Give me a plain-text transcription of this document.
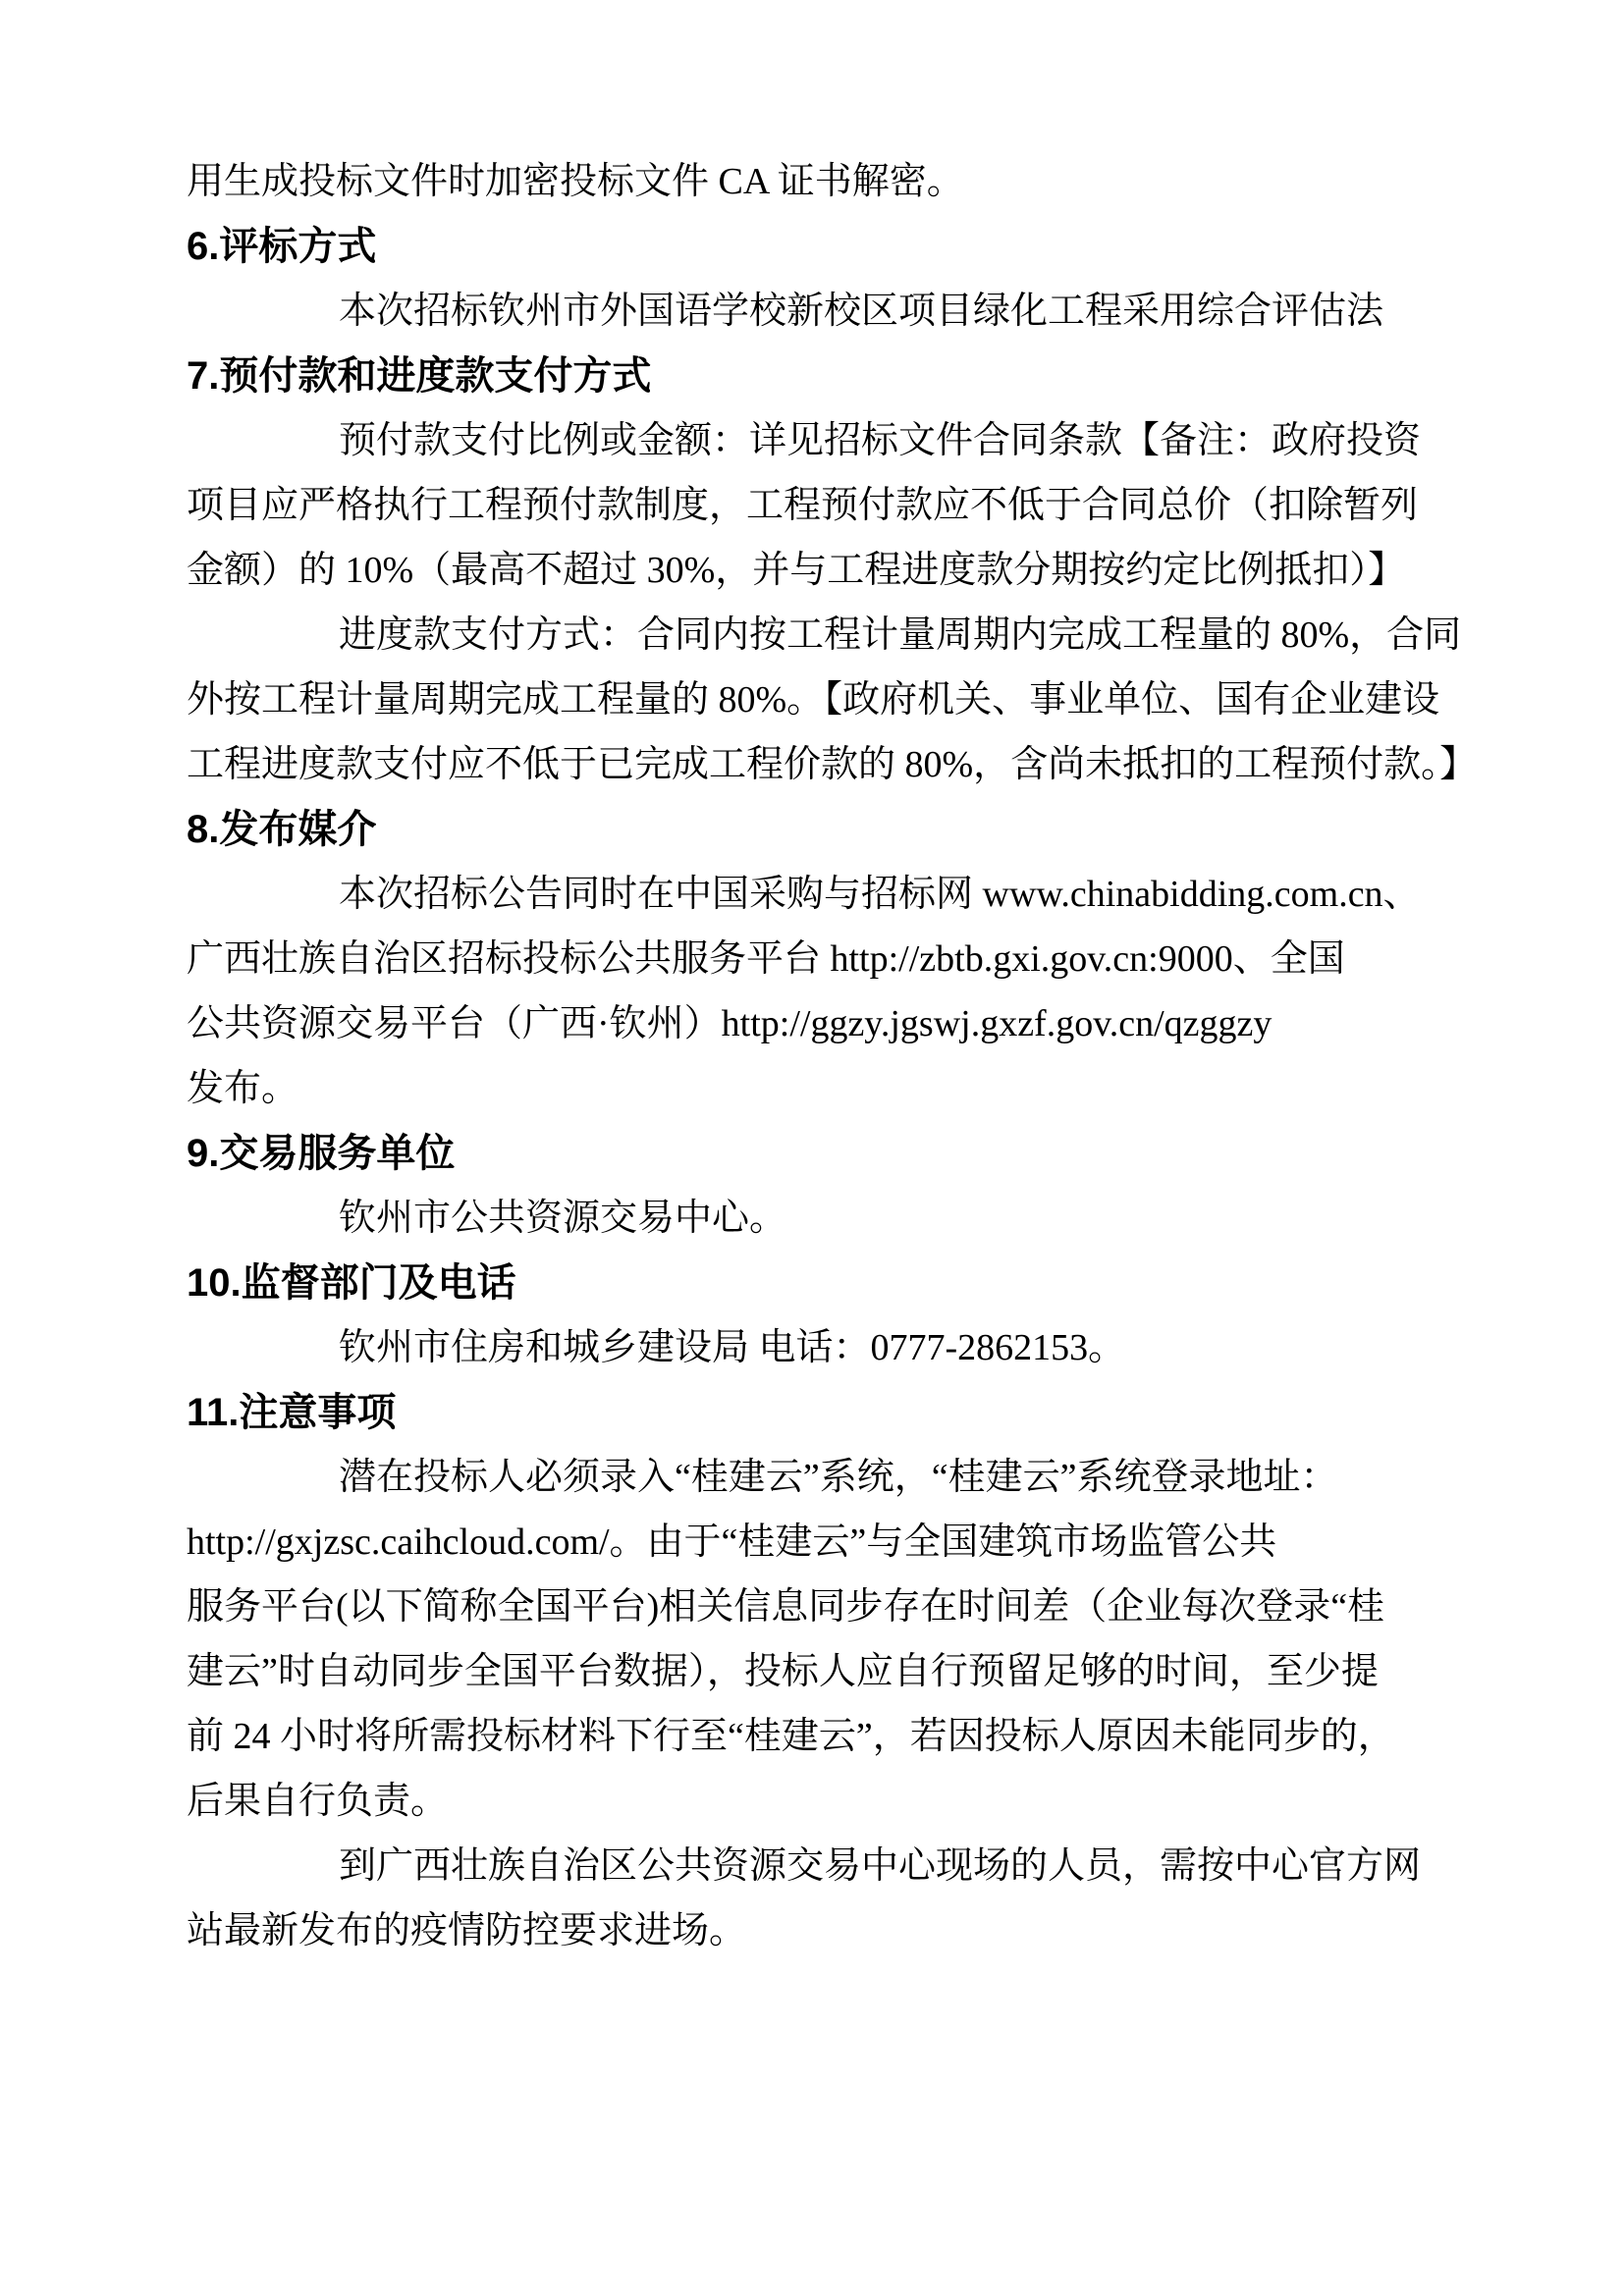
用生成投标文件时加密投标文件 CA 证书解密。

6.评标方式

本次招标钦州市外国语学校新校区项目绿化工程采用综合评估法

7.预付款和进度款支付方式

预付款支付比例或金额：详见招标文件合同条款【备注：政府投资

项目应严格执行工程预付款制度，工程预付款应不低于合同总价（扣除暂列

金额）的 10%（最高不超过 30%，并与工程进度款分期按约定比例抵扣）】

进度款支付方式：合同内按工程计量周期内完成工程量的 80%，合同

外按工程计量周期完成工程量的 80%。【政府机关、事业单位、国有企业建设

工程进度款支付应不低于已完成工程价款的 80%，含尚未抵扣的工程预付款。】

8.发布媒介

本次招标公告同时在中国采购与招标网 www.chinabidding.com.cn、

广西壮族自治区招标投标公共服务平台 http://zbtb.gxi.gov.cn:9000、全国

公共资源交易平台（广西·钦州）http://ggzy.jgswj.gxzf.gov.cn/qzggzy

发布。

9.交易服务单位

钦州市公共资源交易中心。

10.监督部门及电话

钦州市住房和城乡建设局 电话：0777-2862153。

11.注意事项

潜在投标人必须录入“桂建云”系统，“桂建云”系统登录地址：

http://gxjzsc.caihcloud.com/。由于“桂建云”与全国建筑市场监管公共

服务平台(以下简称全国平台)相关信息同步存在时间差（企业每次登录“桂

建云”时自动同步全国平台数据），投标人应自行预留足够的时间，至少提

前 24 小时将所需投标材料下行至“桂建云”，若因投标人原因未能同步的，

后果自行负责。

到广西壮族自治区公共资源交易中心现场的人员，需按中心官方网

站最新发布的疫情防控要求进场。
